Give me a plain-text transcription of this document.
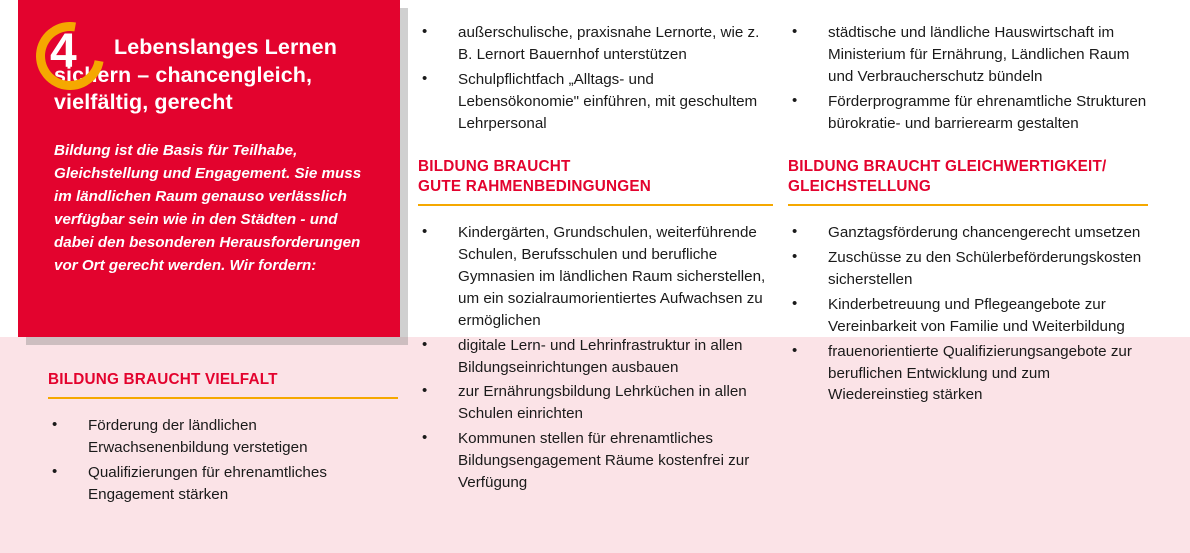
4 Lebenslanges Lernen
sichern – chancengleich,
vielfältig, gerecht

Bildung ist die Basis für Teilhabe, Gleichstellung und Engagement. Sie muss im ländlichen Raum genauso verlässlich verfügbar sein wie in den Städten - und dabei den besonderen Herausforderungen vor Ort gerecht werden. Wir fordern:

BILDUNG BRAUCHT VIELFALT
• Förderung der ländlichen Erwachsenenbildung verstetigen
• Qualifizierungen für ehrenamtliches Engagement stärken
• außerschulische, praxisnahe Lernorte, wie z. B. Lernort Bauernhof unterstützen
• Schulpflichtfach „Alltags- und Lebensökonomie" einführen, mit geschultem Lehrpersonal
BILDUNG BRAUCHT
GUTE RAHMENBEDINGUNGEN
• Kindergärten, Grundschulen, weiterführende Schulen, Berufsschulen und berufliche Gymnasien im ländlichen Raum sicherstellen, um ein sozialraumorientiertes Aufwachsen zu ermöglichen
• digitale Lern- und Lehrinfrastruktur in allen Bildungseinrichtungen ausbauen
• zur Ernährungsbildung Lehrküchen in allen Schulen einrichten
• Kommunen stellen für ehrenamtliches Bildungsengagement Räume kostenfrei zur Verfügung
• städtische und ländliche Hauswirtschaft im Ministerium für Ernährung, Ländlichen Raum und Verbraucherschutz bündeln
• Förderprogramme für ehrenamtliche Strukturen bürokratie- und barrierearm gestalten
BILDUNG BRAUCHT GLEICHWERTIGKEIT/
GLEICHSTELLUNG
• Ganztagsförderung chancengerecht umsetzen
• Zuschüsse zu den Schülerbeförderungskosten sicherstellen
• Kinderbetreuung und Pflegeangebote zur Vereinbarkeit von Familie und Weiterbildung
• frauenorientierte Qualifizierungsangebote zur beruflichen Entwicklung und zum Wiedereinstieg stärken
